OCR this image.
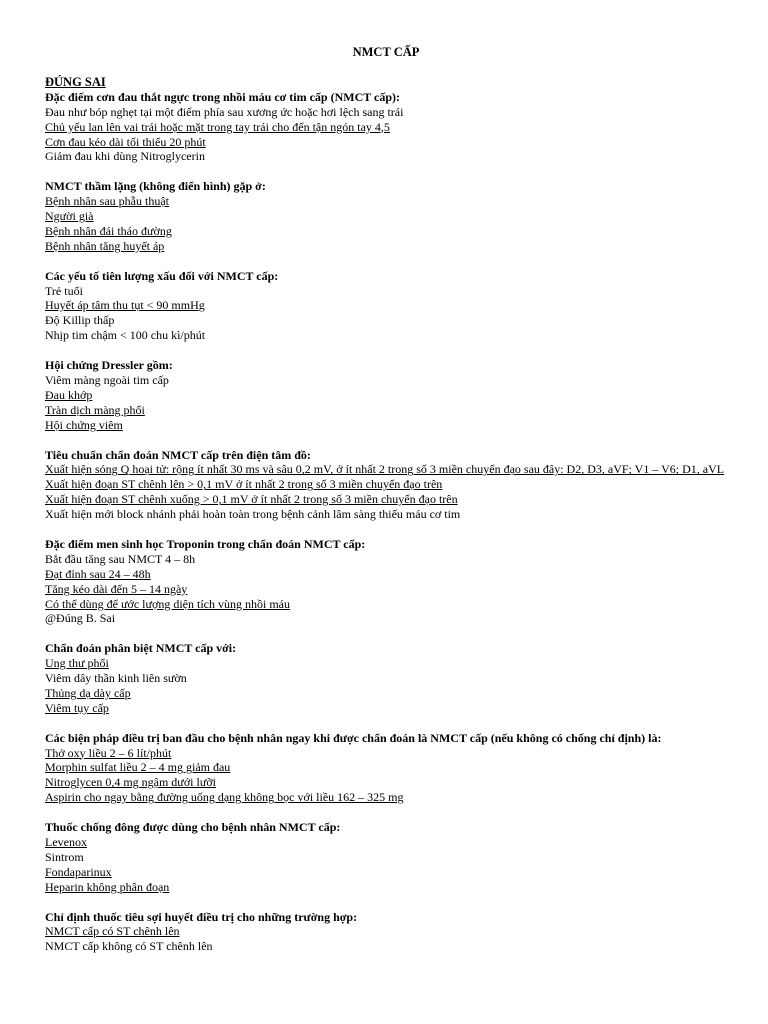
NMCT CẤP
ĐÚNG SAI
Đặc điểm cơn đau thắt ngực trong nhồi máu cơ tim cấp (NMCT cấp):
Đau như bóp nghẹt tại một điểm phía sau xương ức hoặc hơi lệch sang trái
Chủ yếu lan lên vai trái hoặc mặt trong tay trái cho đến tận ngón tay 4,5
Cơn đau kéo dài tối thiểu 20 phút
Giảm đau khi dùng Nitroglycerin
NMCT thầm lặng (không điển hình) gặp ở:
Bệnh nhân sau phẫu thuật
Người già
Bệnh nhân đái tháo đường
Bệnh nhân tăng huyết áp
Các yếu tố tiên lượng xấu đối với NMCT cấp:
Trẻ tuổi
Huyết áp tâm thu tụt < 90 mmHg
Độ Killip thấp
Nhịp tim chậm < 100 chu kì/phút
Hội chứng Dressler gồm:
Viêm màng ngoài tim cấp
Đau khớp
Tràn dịch màng phổi
Hội chứng viêm
Tiêu chuẩn chẩn đoán NMCT cấp trên điện tâm đồ:
Xuất hiện sóng Q hoại tử: rộng ít nhất 30 ms và sâu 0,2 mV, ở ít nhất 2 trong số 3 miền chuyển đạo sau đây: D2, D3, aVF; V1 – V6; D1, aVL
Xuất hiện đoạn ST chênh lên > 0,1 mV ở ít nhất 2 trong số 3 miền chuyển đạo trên
Xuất hiện đoạn ST chênh xuống > 0,1 mV ở ít nhất 2 trong số 3 miền chuyển đạo trên
Xuất hiện mới block nhánh phải hoàn toàn trong bệnh cảnh lâm sàng thiếu máu cơ tim
Đặc điểm men sinh học Troponin trong chẩn đoán NMCT cấp:
Bắt đầu tăng sau NMCT 4 – 8h
Đạt đỉnh sau 24 – 48h
Tăng kéo dài đến 5 – 14 ngày
Có thể dùng để ước lượng diện tích vùng nhồi máu
@Đúng B. Sai
Chẩn đoán phân biệt NMCT cấp với:
Ung thư phổi
Viêm dây thần kinh liên sườn
Thủng dạ dày cấp
Viêm tụy cấp
Các biện pháp điều trị ban đầu cho bệnh nhân ngay khi được chẩn đoán là NMCT cấp (nếu không có chống chỉ định) là:
Thở oxy liều 2 – 6 lít/phút
Morphin sulfat liều 2 – 4 mg giảm đau
Nitroglycen 0,4 mg ngậm dưới lưỡi
Aspirin cho ngay bằng đường uống dạng không bọc với liều 162 – 325 mg
Thuốc chống đông được dùng cho bệnh nhân NMCT cấp:
Levenox
Sintrom
Fondaparinux
Heparin không phân đoạn
Chỉ định thuốc tiêu sợi huyết điều trị cho những trường hợp:
NMCT cấp có ST chênh lên
NMCT cấp không có ST chênh lên
